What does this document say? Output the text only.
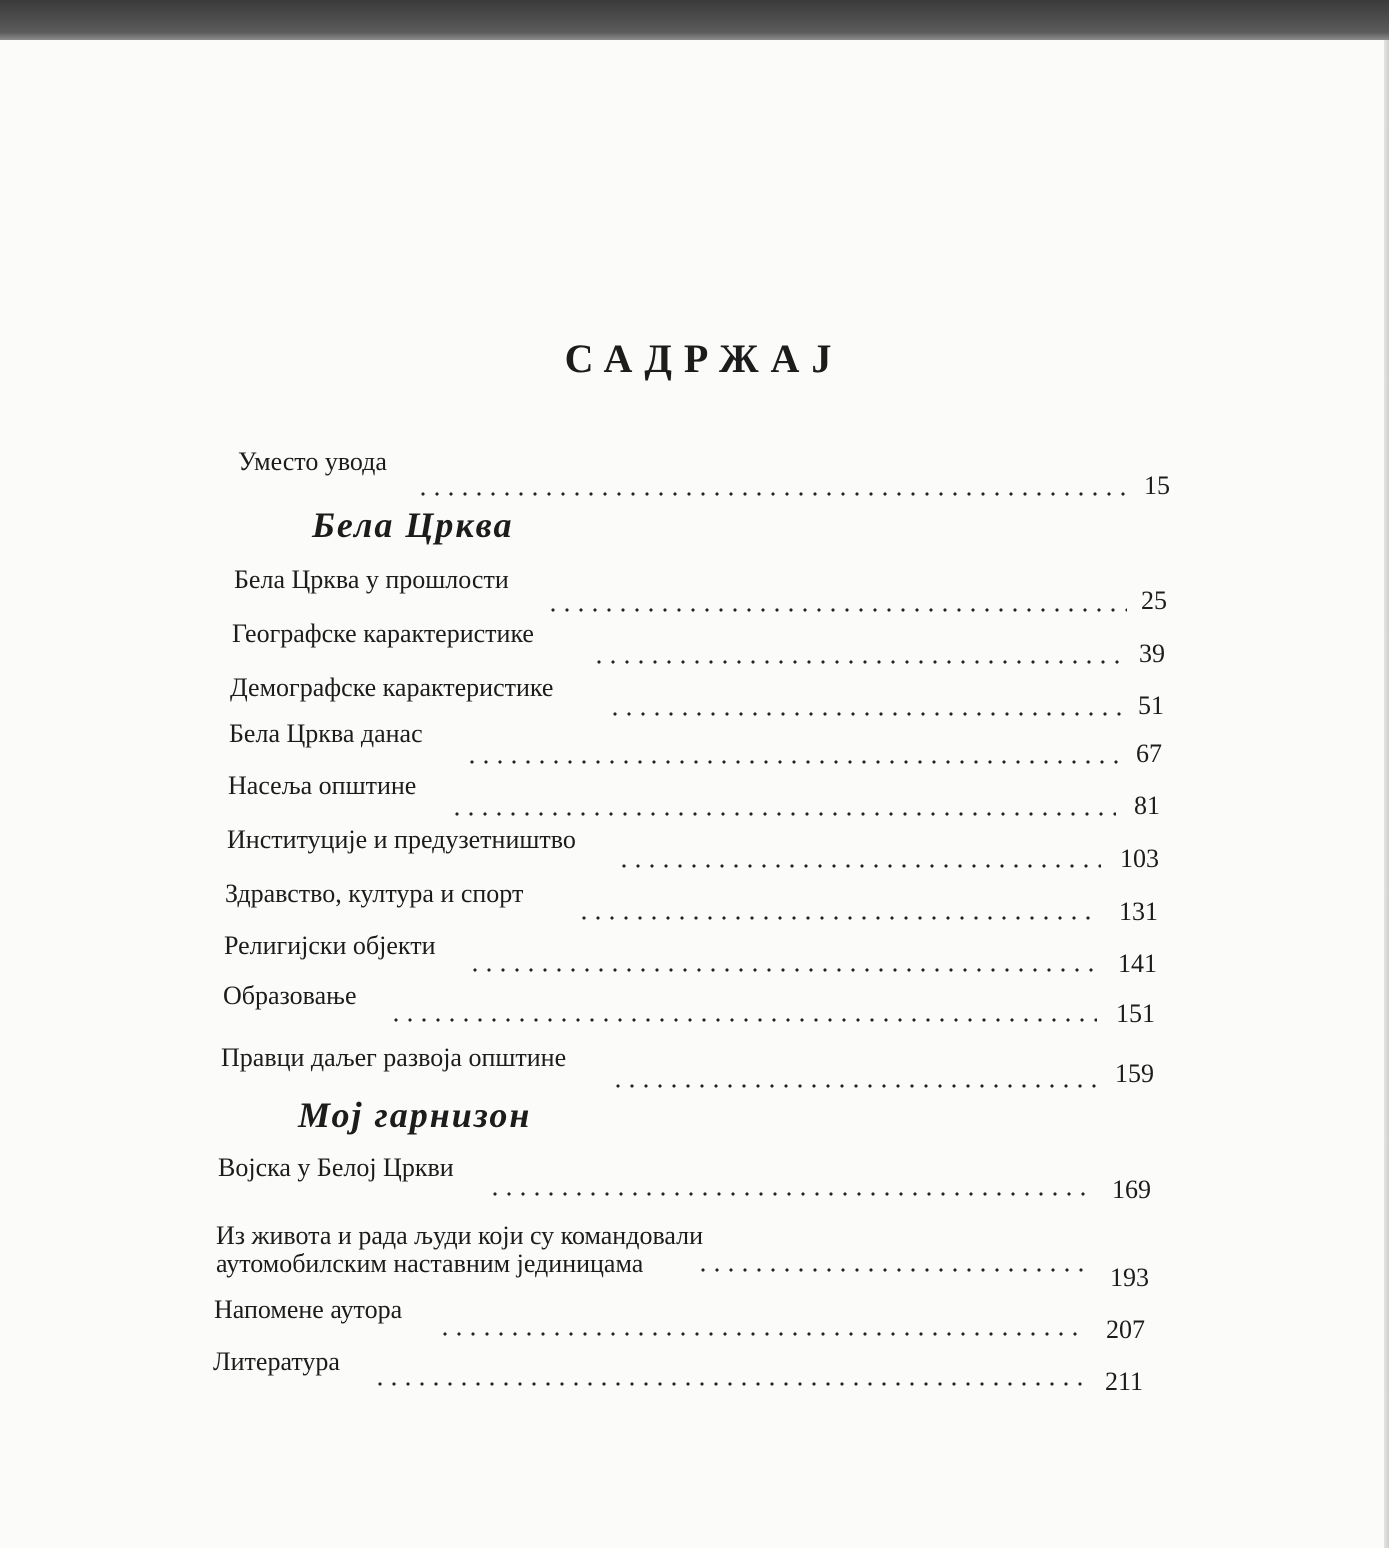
САДРЖАЈ
Уместо увода
15
Бела Црква
Бела Црква у прошлости
25
Географске карактеристике
39
Демографске карактеристике
51
Бела Црква данас
67
Насеља општине
81
Институције и предузетништво
103
Здравство, култура и спорт
131
Религијски објекти
141
Образовање
151
Правци даљег развоја општине
159
Мој гарнизон
Војска у Белој Цркви
169
Из живота и рада људи који су командовали
аутомобилским наставним јединицама	193
Напомене аутора
207
Литература
211
